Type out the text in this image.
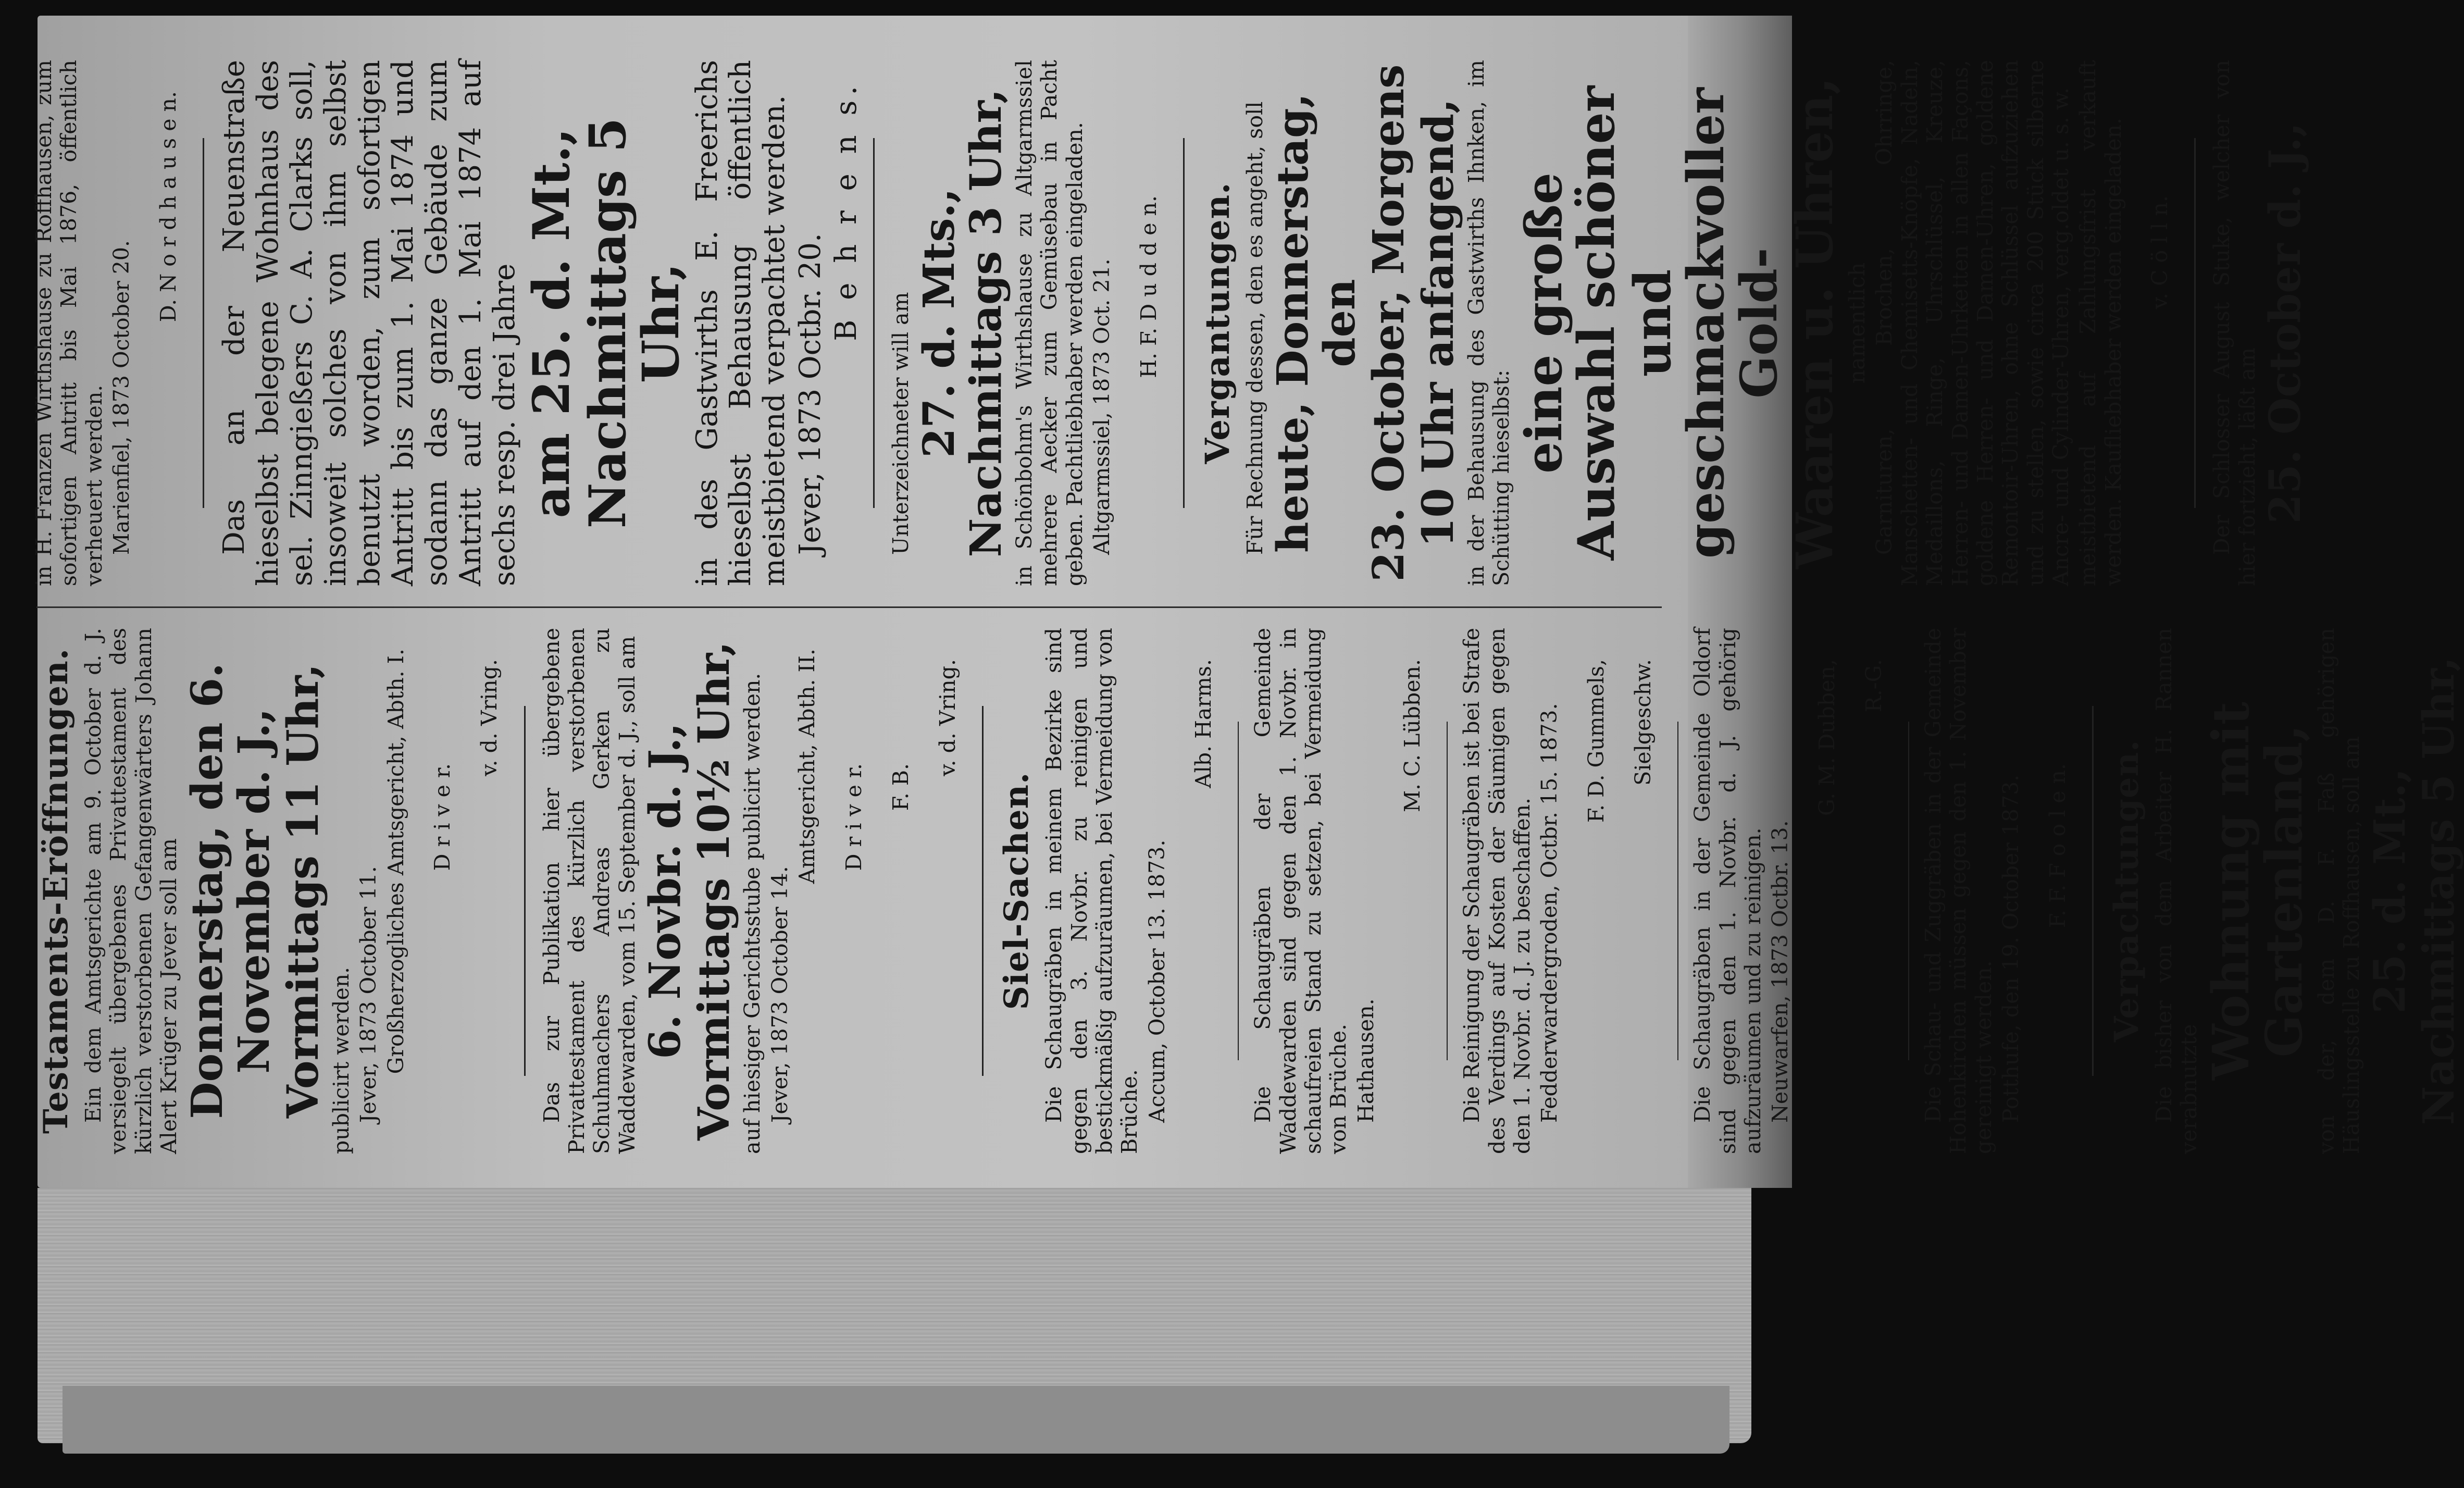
Testaments-Eröffnungen. Ein dem Amtsgerichte am 9. October d. J. versiegelt übergebenes Privattestament des kürzlich verstorbenen Gefangenwärters Johann Alert Krüger zu Jever soll am Donnerstag, den 6. November d. J.,
Vormittags 11 Uhr, publicirt werden. Jever, 1873 October 11. Großherzogliches Amtsgericht, Abth. I. D r i v e r.

v. d. Vring. Das zur Publikation hier übergebene Privattestament des kürzlich verstorbenen Schuhmachers Andreas Gerken zu Waddewarden, vom 15. September d. J., soll am 6. Novbr. d. J.,
Vormittags 10½ Uhr, auf hiesiger Gerichtsstube publicirt werden. Jever, 1873 October 14.

Amtsgericht, Abth. II. D r i v e r. F. B.

v. d. Vring.

Siel-Sachen. Die Schaugräben in meinem Bezirke sind gegen den 3. Novbr. zu reinigen und bestickmäßig aufzuräumen, bei Vermeidung von Brüche. Accum, October 13. 1873.

Alb. Harms. Die Schaugräben der Gemeinde Waddewarden sind gegen den 1. Novbr. in schaufreien Stand zu setzen, bei Vermeidung von Brüche. Hathausen.

M. C. Lübben. Die Reinigung der Schaugräben ist bei Strafe des Verdings auf Kosten der Säumigen gegen den 1. Novbr. d. J. zu beschaffen. Fedderwardergroden, Octbr. 15. 1873. F. D. Gummels, Sielgeschw. Die Schaugräben in der Gemeinde Oldorf sind gegen den 1. Novbr. d. J. gehörig aufzuräumen und zu reinigen. Neuwarfen, 1873 Octbr. 13.

G. M. Dubben, R.-G. Die Schau- und Zuggräben in der Gemeinde Hohenkirchen müssen gegen den 1. November gereinigt werden. Potthufe, den 19. October 1873. F. F. F o o l e n. Verpachtungen. Die bisher von dem Arbeiter H. Rannen verabnutzte

Wohnung mit Gartenland, von der, dem D. F. Faß gehörigen Häuslingsstelle zu Roffhausen, soll am 25. d. Mt.,
Nachmittags 5 Uhr,

in H. Franzen Wirthshause zu Roffhausen, zum sofortigen Antritt bis Mai 1876, öffentlich verheuert werden. Marienfiel, 1873 October 20.

D. N o r d h a u s e n. Das an der Neuenstraße hieselbst belegene Wohnhaus des sel. Zinngießers C. A. Clarks soll, insoweit solches von ihm selbst benutzt worden, zum sofortigen Antritt bis zum 1. Mai 1874 und sodann das ganze Gebäude zum Antritt auf den 1. Mai 1874 auf sechs resp. drei Jahre am 25. d. Mt.,
Nachmittags 5 Uhr, in des Gastwirths E. Freerichs hieselbst Behausung öffentlich meistbietend verpachtet werden. Jever, 1873 Octbr. 20.

B e h r e n s.

Unterzeichneter will am 27. d. Mts., Nachmittags 3 Uhr, in Schönbohm's Wirthshause zu Altgarmssiel mehrere Aecker zum Gemüsebau in Pacht geben. Pachtliebhaber werden eingeladen. Altgarmssiel, 1873 Oct. 21. H. F. D u d d e n. Vergantungen. Für Rechnung dessen, den es angeht, soll heute, Donnerstag, den
23. October, Morgens
10 Uhr anfangend, in der Behausung des Gastwirths Ihnken, im Schütting hieselbst:

eine große Auswahl schöner
und geschmackvoller Gold-
Waaren u. Uhren, namentlich Garnituren, Brochen, Ohrringe, Manschetten- und Chemisetts-Knöpfe, Nadeln, Medaillons, Ringe, Uhrschlüssel, Kreuze, Herren- und Damen-Uhrketten in allen Façons, goldene Herren- und Damen-Uhren, goldene Remontoir-Uhren, ohne Schlüssel aufzuziehen und zu stellen, sowie circa 200 Stück silberne Ancre- und Cylinder-Uhren, verg.oldet u. s. w. meistbietend auf Zahlungsfrist verkauft werden. Kaufliebhaber werden eingeladen. v. C ö l l n. Der Schlosser August Stuke, welcher von hier fortzieht, läßt am 25. October d. J.,
